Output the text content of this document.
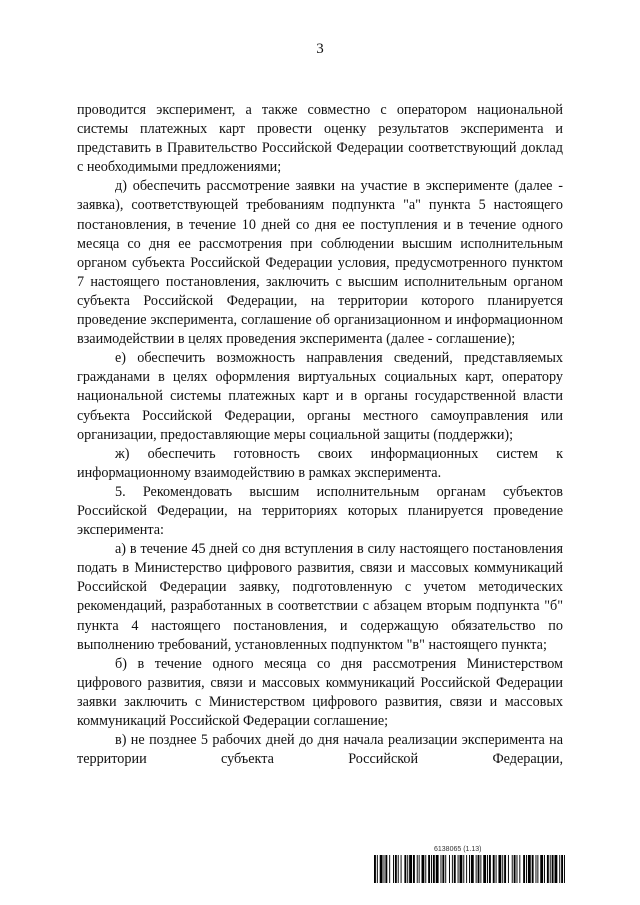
3

проводится эксперимент, а также совместно с оператором национальной системы платежных карт провести оценку результатов эксперимента и представить в Правительство Российской Федерации соответствующий доклад с необходимыми предложениями;

д) обеспечить рассмотрение заявки на участие в эксперименте (далее - заявка), соответствующей требованиям подпункта "а" пункта 5 настоящего постановления, в течение 10 дней со дня ее поступления и в течение одного месяца со дня ее рассмотрения при соблюдении высшим исполнительным органом субъекта Российской Федерации условия, предусмотренного пунктом 7 настоящего постановления, заключить с высшим исполнительным органом субъекта Российской Федерации, на территории которого планируется проведение эксперимента, соглашение об организационном и информационном взаимодействии в целях проведения эксперимента (далее - соглашение);

е) обеспечить возможность направления сведений, представляемых гражданами в целях оформления виртуальных социальных карт, оператору национальной системы платежных карт и в органы государственной власти субъекта Российской Федерации, органы местного самоуправления или организации, предоставляющие меры социальной защиты (поддержки);

ж) обеспечить готовность своих информационных систем к информационному взаимодействию в рамках эксперимента.

5. Рекомендовать высшим исполнительным органам субъектов Российской Федерации, на территориях которых планируется проведение эксперимента:

а) в течение 45 дней со дня вступления в силу настоящего постановления подать в Министерство цифрового развития, связи и массовых коммуникаций Российской Федерации заявку, подготовленную с учетом методических рекомендаций, разработанных в соответствии с абзацем вторым подпункта "б" пункта 4 настоящего постановления, и содержащую обязательство по выполнению требований, установленных подпунктом "в" настоящего пункта;

б) в течение одного месяца со дня рассмотрения Министерством цифрового развития, связи и массовых коммуникаций Российской Федерации заявки заключить с Министерством цифрового развития, связи и массовых коммуникаций Российской Федерации соглашение;

в) не позднее 5 рабочих дней до дня начала реализации эксперимента на территории субъекта Российской Федерации,

6138065 (1.13)
